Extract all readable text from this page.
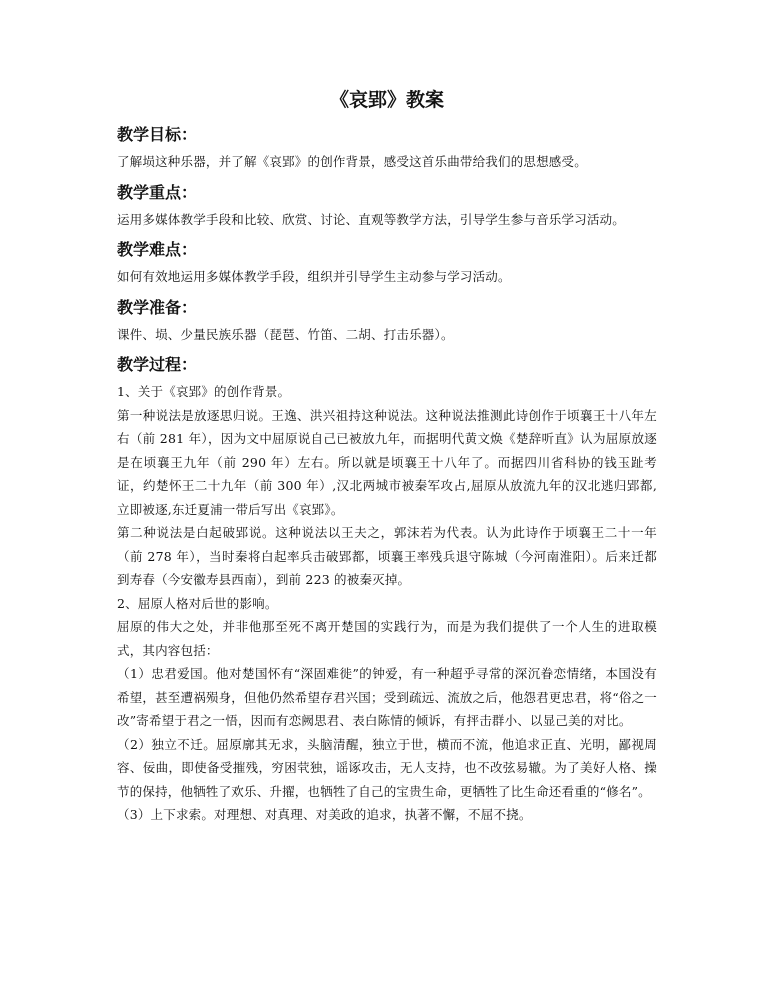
《哀郢》教案
教学目标：

了解埙这种乐器，并了解《哀郢》的创作背景，感受这首乐曲带给我们的思想感受。

教学重点：

运用多媒体教学手段和比较、欣赏、讨论、直观等教学方法，引导学生参与音乐学习活动。

教学难点：

如何有效地运用多媒体教学手段，组织并引导学生主动参与学习活动。

教学准备：

课件、埙、少量民族乐器（琵琶、竹笛、二胡、打击乐器）。

教学过程：

1、关于《哀郢》的创作背景。

第一种说法是放逐思归说。王逸、洪兴祖持这种说法。这种说法推测此诗创作于顷襄王十八年左右（前 281 年），因为文中屈原说自己已被放九年，而据明代黄文焕《楚辞听直》认为屈原放逐是在顷襄王九年（前 290 年）左右。所以就是顷襄王十八年了。而据四川省科协的钱玉趾考证，约楚怀王二十九年（前 300 年）,汉北两城市被秦军攻占,屈原从放流九年的汉北逃归郢都,立即被逐,东迁夏浦一带后写出《哀郢》。

第二种说法是白起破郢说。这种说法以王夫之，郭沫若为代表。认为此诗作于顷襄王二十一年（前 278 年），当时秦将白起率兵击破郢都，顷襄王率残兵退守陈城（今河南淮阳）。后来迁都到寿春（今安徽寿县西南），到前 223 的被秦灭掉。

2、屈原人格对后世的影响。

屈原的伟大之处，并非他那至死不离开楚国的实践行为，而是为我们提供了一个人生的进取模式，其内容包括：

（1）忠君爱国。他对楚国怀有“深固难徙”的钟爱，有一种超乎寻常的深沉眷恋情绪，本国没有希望，甚至遭祸殒身，但他仍然希望存君兴国；受到疏远、流放之后，他怨君更忠君，将“俗之一改”寄希望于君之一悟，因而有恋阙思君、表白陈情的倾诉，有抨击群小、以显己美的对比。

（2）独立不迁。屈原廓其无求，头脑清醒，独立于世，横而不流，他追求正直、光明，鄙视周容、佞曲，即使备受摧残，穷困茕独，谣诼攻击，无人支持，也不改弦易辙。为了美好人格、操节的保持，他牺牲了欢乐、升擢，也牺牲了自己的宝贵生命，更牺牲了比生命还看重的“修名”。

（3）上下求索。对理想、对真理、对美政的追求，执著不懈，不屈不挠。
